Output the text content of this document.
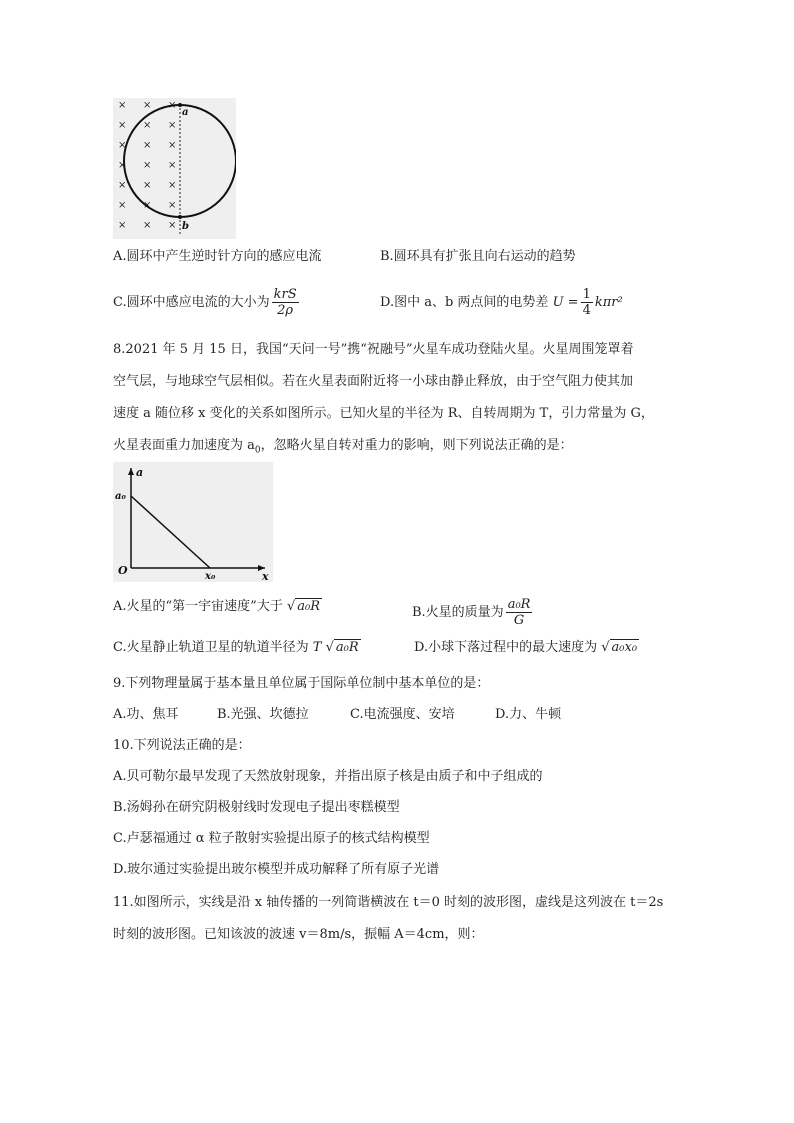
× × ×
× × ×
× × ×
× × ×
× × ×
× × ×
× × ×
a
b
A.圆环中产生逆时针方向的感应电流	B.圆环具有扩张且向右运动的趋势
C.圆环中感应电流的大小为 $\frac{\text{krS}}{2\rho}$	D.图中 a、b 两点间的电势差 $U = \frac{1}{4} k\pi r^2$
8.2021 年 5 月 15 日，我国“天问一号”携“祝融号”火星车成功登陆火星。火星周围笼罩着
空气层，与地球空气层相似。若在火星表面附近将一小球由静止释放，由于空气阻力使其加
速度 a 随位移 x 变化的关系如图所示。已知火星的半径为 R、自转周期为 T，引力常量为 G，
火星表面重力加速度为 $a_0$，忽略火星自转对重力的影响，则下列说法正确的是：
a
x
O
a₀
x₀
A.火星的“第一宇宙速度”大于 √ a₀R	B.火星的质量为 $\frac{\text{a₀R}}{G}$
C.火星静止轨道卫星的轨道半径为 T √ a₀R	D.小球下落过程中的最大速度为 √ a₀x₀
9.下列物理量属于基本量且单位属于国际单位制中基本单位的是：
A.功、焦耳	B.光强、坎德拉	C.电流强度、安培	D.力、牛顿
10.下列说法正确的是：
A.贝可勒尔最早发现了天然放射现象，并指出原子核是由质子和中子组成的
B.汤姆孙在研究阴极射线时发现电子提出枣糕模型
C.卢瑟福通过 α 粒子散射实验提出原子的核式结构模型
D.玻尔通过实验提出玻尔模型并成功解释了所有原子光谱
11.如图所示，实线是沿 x 轴传播的一列简谐横波在 t＝0 时刻的波形图，虚线是这列波在 t＝2s
时刻的波形图。已知该波的波速 v＝8m/s，振幅 A＝4cm，则：
